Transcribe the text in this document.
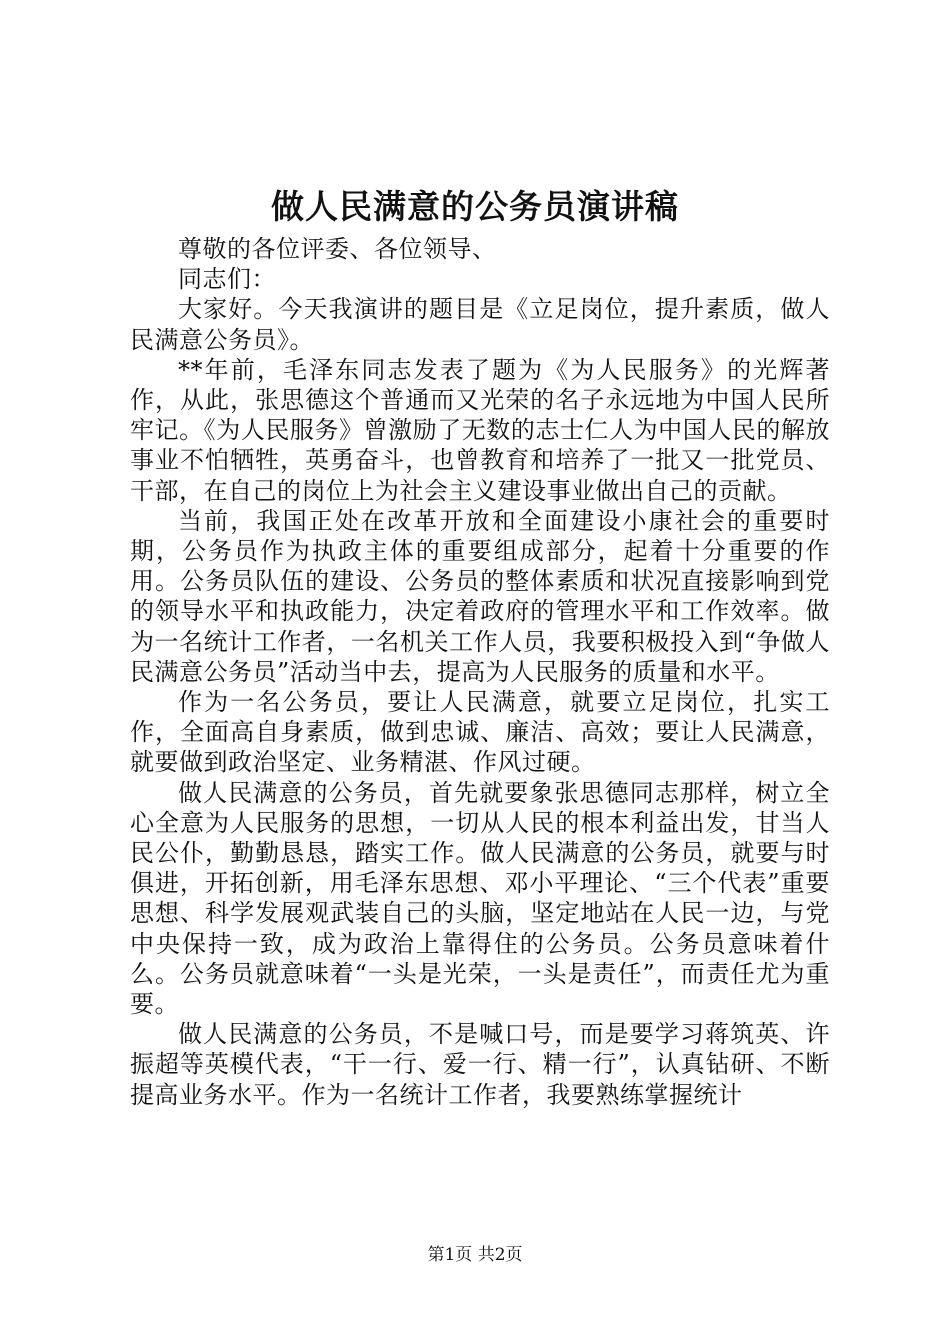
做人民满意的公务员演讲稿

尊敬的各位评委、各位领导、

同志们：

大家好。今天我演讲的题目是《立足岗位，提升素质，做人民满意公务员》。

**年前，毛泽东同志发表了题为《为人民服务》的光辉著作，从此，张思德这个普通而又光荣的名子永远地为中国人民所牢记。《为人民服务》曾激励了无数的志士仁人为中国人民的解放事业不怕牺牲，英勇奋斗，也曾教育和培养了一批又一批党员、干部，在自己的岗位上为社会主义建设事业做出自己的贡献。

当前，我国正处在改革开放和全面建设小康社会的重要时期，公务员作为执政主体的重要组成部分，起着十分重要的作用。公务员队伍的建设、公务员的整体素质和状况直接影响到党的领导水平和执政能力，决定着政府的管理水平和工作效率。做为一名统计工作者，一名机关工作人员，我要积极投入到“争做人民满意公务员”活动当中去，提高为人民服务的质量和水平。

作为一名公务员，要让人民满意，就要立足岗位，扎实工作，全面高自身素质，做到忠诚、廉洁、高效；要让人民满意，就要做到政治坚定、业务精湛、作风过硬。

做人民满意的公务员，首先就要象张思德同志那样，树立全心全意为人民服务的思想，一切从人民的根本利益出发，甘当人民公仆，勤勤恳恳，踏实工作。做人民满意的公务员，就要与时俱进，开拓创新，用毛泽东思想、邓小平理论、“三个代表”重要思想、科学发展观武装自己的头脑，坚定地站在人民一边，与党中央保持一致，成为政治上靠得住的公务员。公务员意味着什么。公务员就意味着“一头是光荣，一头是责任”，而责任尤为重要。

做人民满意的公务员，不是喊口号，而是要学习蒋筑英、许振超等英模代表，“干一行、爱一行、精一行”，认真钻研、不断提高业务水平。作为一名统计工作者，我要熟练掌握统计

第1页 共2页
